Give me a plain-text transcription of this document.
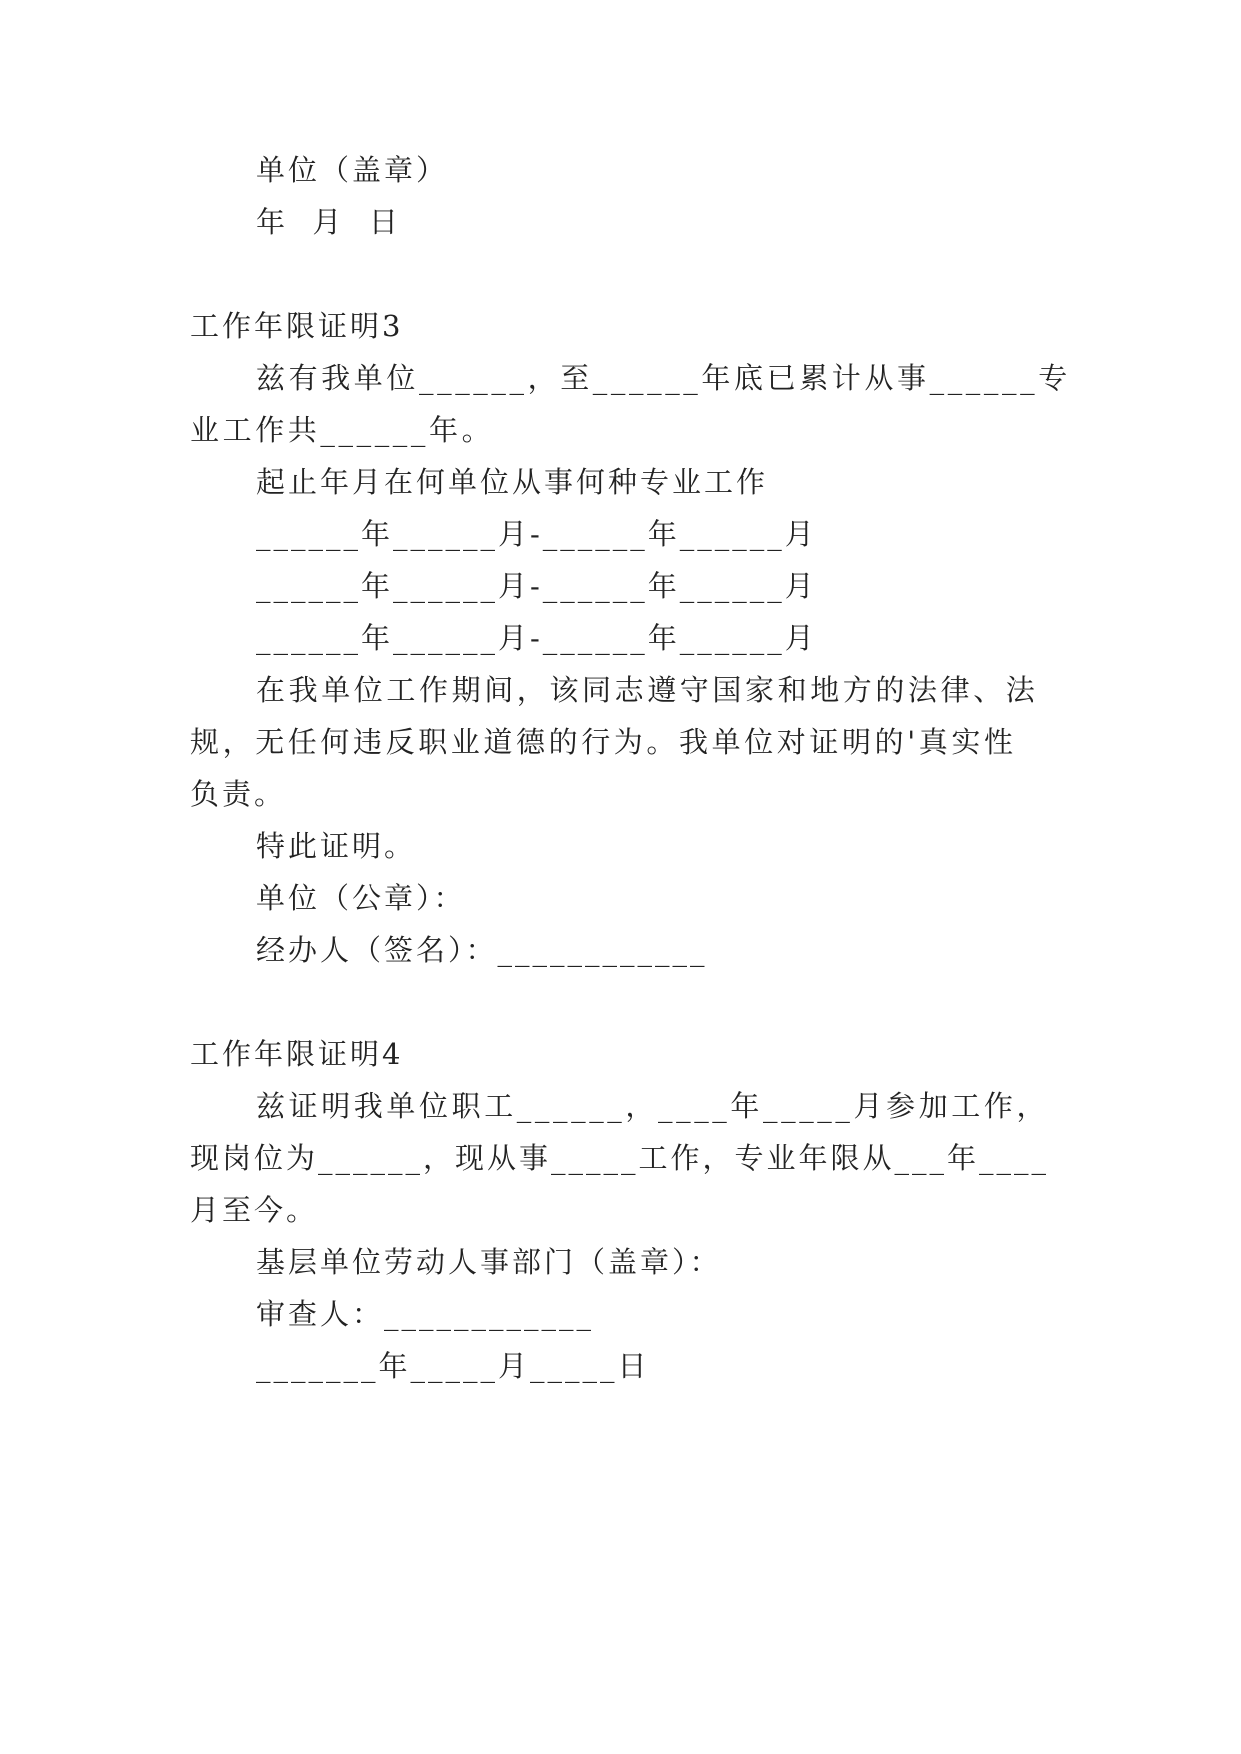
单位（盖章）
年  月  日
工作年限证明3
兹有我单位______，至______年底已累计从事______专
业工作共______年。
起止年月在何单位从事何种专业工作
______年______月-______年______月
______年______月-______年______月
______年______月-______年______月
在我单位工作期间，该同志遵守国家和地方的法律、法
规，无任何违反职业道德的行为。我单位对证明的'真实性
负责。
特此证明。
单位（公章）：
经办人（签名）：____________
工作年限证明4
兹证明我单位职工______，____年_____月参加工作，
现岗位为______，现从事_____工作，专业年限从___年____
月至今。
基层单位劳动人事部门（盖章）：
审查人：____________
_______年_____月_____日
